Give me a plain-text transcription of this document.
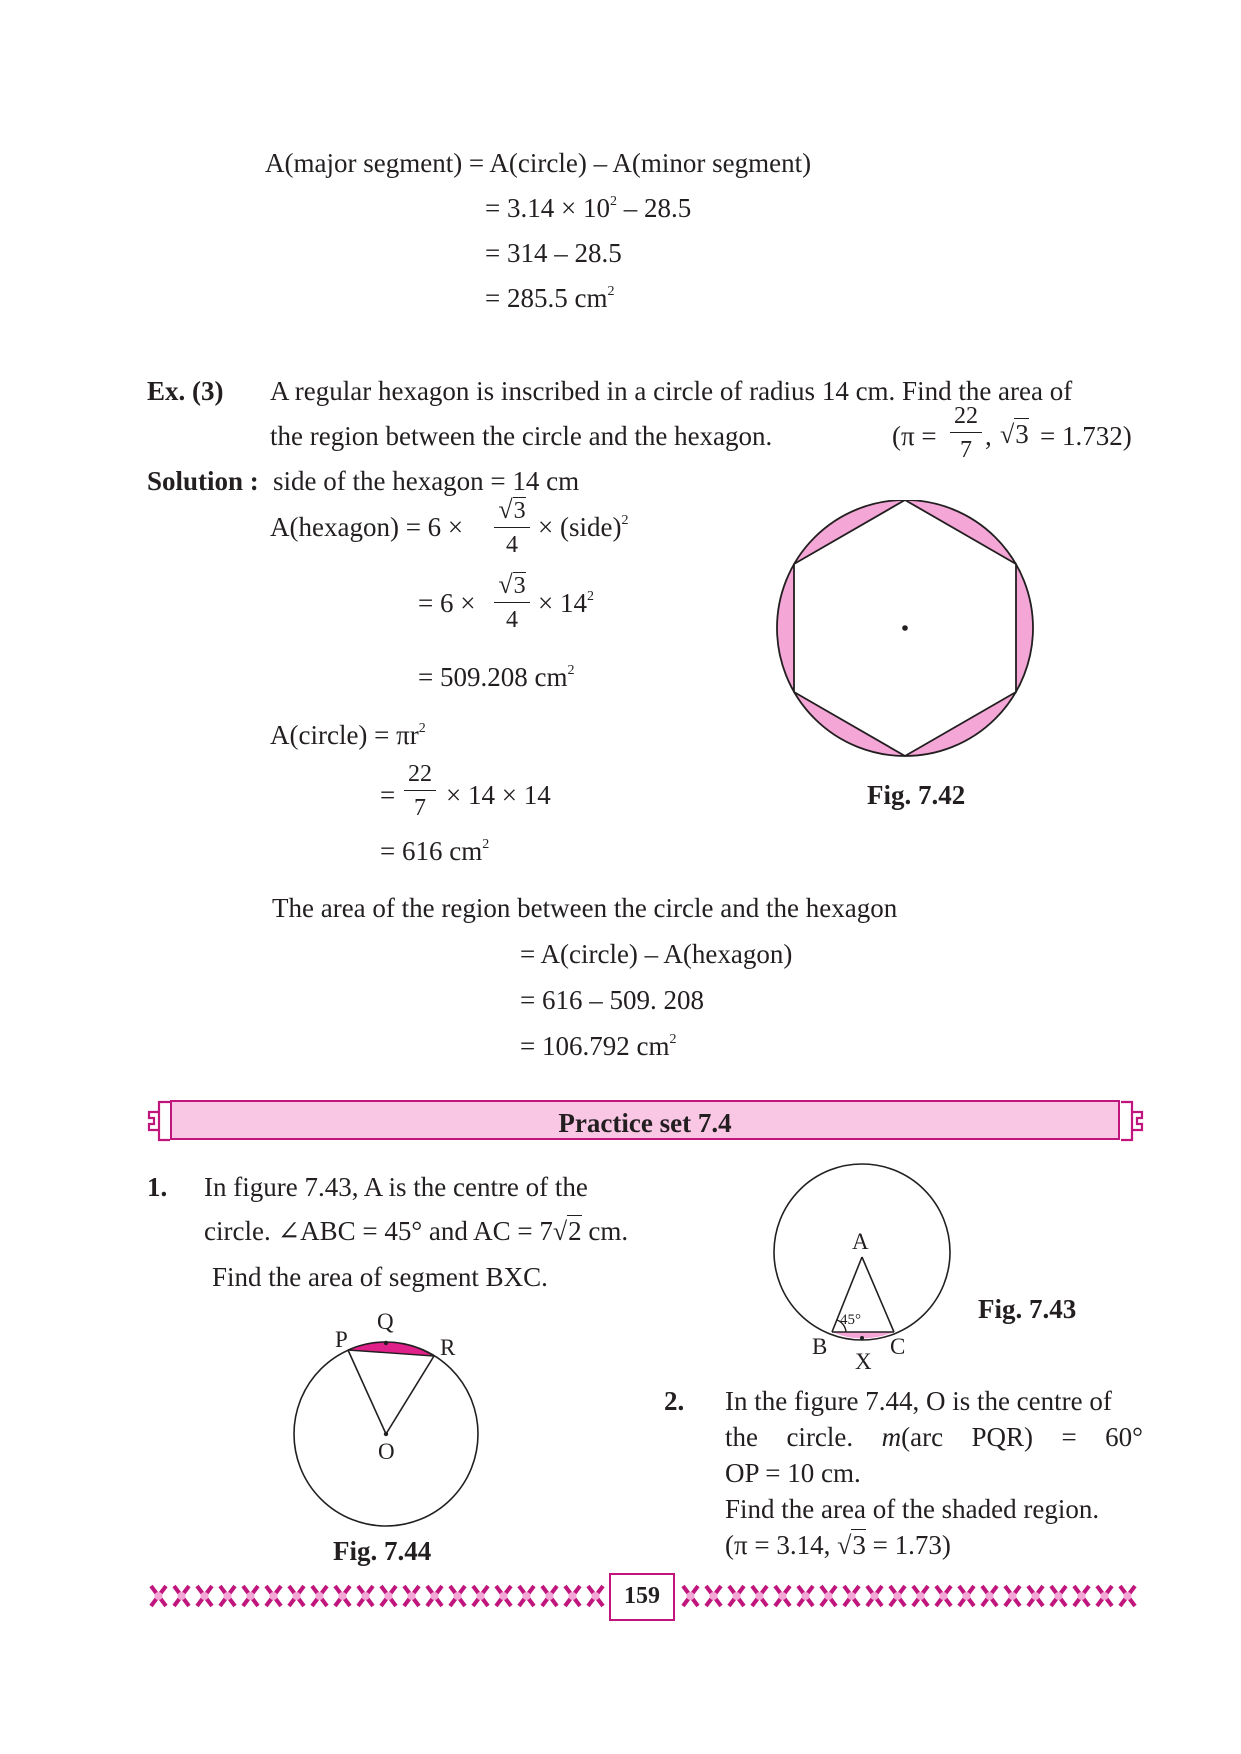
A(major segment) = A(circle) – A(minor segment)
= $3.14 \times 10^2 - 28.5$
= 314 – 28.5
= 285.5 $cm^2$
Ex. (3) A regular hexagon is inscribed in a circle of radius 14 cm. Find the area of
the region between the circle and the hexagon.	(π =
22
7 , √3 = 1.732)
Solution : side of the hexagon = 14 cm
A(hexagon) = 6 ×
√3
4
× (side)$^2$
= 6 ×
√3
4
× $14^2$
= 509.208 $cm^2$
A(circle) = $\pi r^2$
=
22
7 × 14 × 14
= 616 $cm^2$
The area of the region between the circle and the hexagon
= A(circle) – A(hexagon)
= 616 – 509. 208
= 106.792 $cm^2$
Fig. 7.42
Practice set 7.4
1. In figure 7.43, A is the centre of the
circle. ∠ABC = 45° and AC = 7√2 cm.
Find the area of segment BXC.
A
45°
B	C
X
Fig. 7.43
P
Q
R
O
Fig. 7.44
2. In the figure 7.44, O is the centre of
the circle. m(arc PQR) = 60°
OP = 10 cm.
Find the area of the shaded region.
(π = 3.14, √3 = 1.73)
159
